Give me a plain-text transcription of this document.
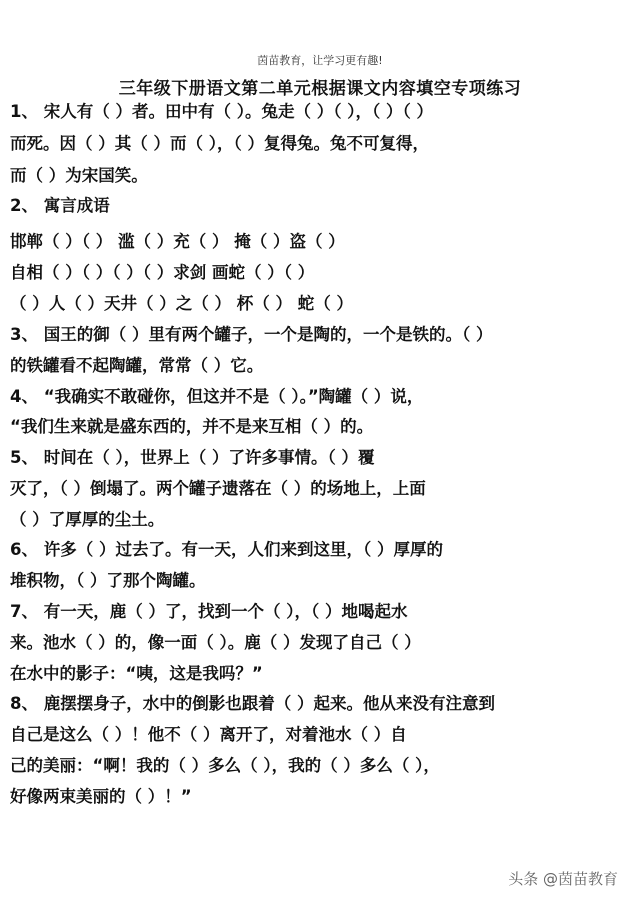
茵苗教育，让学习更有趣!
三年级下册语文第二单元根据课文内容填空专项练习
1、 宋人有（ ）者。田中有（ ）。兔走（ ）（ ），（ ）（ ）
而死。因（ ）其（ ）而（ ），（ ）复得兔。兔不可复得，
而（ ）为宋国笑。
2、 寓言成语
邯郸（ ）（ ） 滥（ ）充（ ） 掩（ ）盗（ ）
自相（ ）（ ）（ ）（ ）求剑 画蛇（ ）（ ）
（ ）人（ ）天井（ ）之（ ） 杯（ ） 蛇（ ）
3、 国王的御（ ）里有两个罐子，一个是陶的，一个是铁的。（ ）
的铁罐看不起陶罐，常常（ ）它。
4、 “我确实不敢碰你，但这并不是（ ）。”陶罐（ ）说，
“我们生来就是盛东西的，并不是来互相（ ）的。
5、 时间在（ ），世界上（ ）了许多事情。（ ）覆
灭了，（ ）倒塌了。两个罐子遗落在（ ）的场地上，上面
（ ）了厚厚的尘土。
6、 许多（ ）过去了。有一天，人们来到这里，（ ）厚厚的
堆积物，（ ）了那个陶罐。
7、 有一天，鹿（ ）了，找到一个（ ），（ ）地喝起水
来。池水（ ）的，像一面（ ）。鹿（ ）发现了自己（ ）
在水中的影子：“咦，这是我吗？”
8、 鹿摆摆身子，水中的倒影也跟着（ ）起来。他从来没有注意到
自己是这么（ ）！他不（ ）离开了，对着池水（ ）自
己的美丽：“啊！我的（ ）多么（ ），我的（ ）多么（ ），
好像两束美丽的（ ）！”
头条 @茵苗教育
